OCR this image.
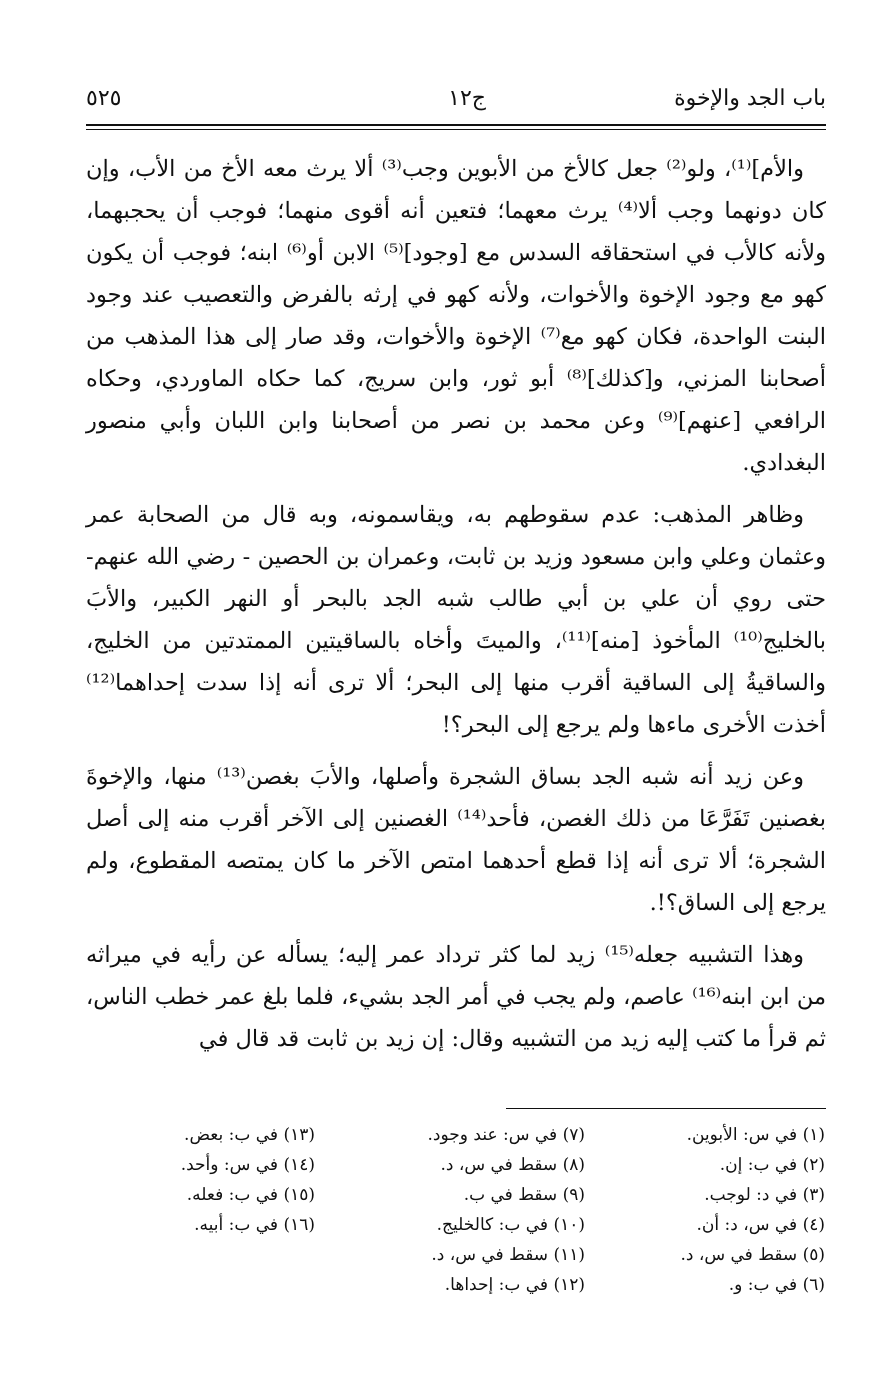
باب الجد والإخوة
ج١٢
٥٢٥

والأم]⁽¹⁾، ولو⁽²⁾ جعل كالأخ من الأبوين وجب⁽³⁾ ألا يرث معه الأخ من الأب، وإن كان دونهما وجب ألا⁽⁴⁾ يرث معهما؛ فتعين أنه أقوى منهما؛ فوجب أن يحجبهما، ولأنه كالأب في استحقاقه السدس مع [وجود]⁽⁵⁾ الابن أو⁽⁶⁾ ابنه؛ فوجب أن يكون كهو مع وجود الإخوة والأخوات، ولأنه كهو في إرثه بالفرض والتعصيب عند وجود البنت الواحدة، فكان كهو مع⁽⁷⁾ الإخوة والأخوات، وقد صار إلى هذا المذهب من أصحابنا المزني، و[كذلك]⁽⁸⁾ أبو ثور، وابن سريج، كما حكاه الماوردي، وحكاه الرافعي [عنهم]⁽⁹⁾ وعن محمد بن نصر من أصحابنا وابن اللبان وأبي منصور البغدادي.

وظاهر المذهب: عدم سقوطهم به، ويقاسمونه، وبه قال من الصحابة عمر وعثمان وعلي وابن مسعود وزيد بن ثابت، وعمران بن الحصين - رضي الله عنهم- حتى روي أن علي بن أبي طالب شبه الجد بالبحر أو النهر الكبير، والأبَ بالخليج⁽¹⁰⁾ المأخوذ [منه]⁽¹¹⁾، والميتَ وأخاه بالساقيتين الممتدتين من الخليج، والساقيةُ إلى الساقية أقرب منها إلى البحر؛ ألا ترى أنه إذا سدت إحداهما⁽¹²⁾ أخذت الأخرى ماءها ولم يرجع إلى البحر؟!

وعن زيد أنه شبه الجد بساق الشجرة وأصلها، والأبَ بغصن⁽¹³⁾ منها، والإخوةَ بغصنين تَفَرَّعَا من ذلك الغصن، فأحد⁽¹⁴⁾ الغصنين إلى الآخر أقرب منه إلى أصل الشجرة؛ ألا ترى أنه إذا قطع أحدهما امتص الآخر ما كان يمتصه المقطوع، ولم يرجع إلى الساق؟!.

وهذا التشبيه جعله⁽¹⁵⁾ زيد لما كثر ترداد عمر إليه؛ يسأله عن رأيه في ميراثه من ابن ابنه⁽¹⁶⁾ عاصم، ولم يجب في أمر الجد بشيء، فلما بلغ عمر خطب الناس، ثم قرأ ما كتب إليه زيد من التشبيه وقال: إن زيد بن ثابت قد قال في

(١) في س: الأبوين.
(٢) في ب: إن.
(٣) في د: لوجب.
(٤) في س، د: أن.
(٥) سقط في س، د.
(٦) في ب: و.
(٧) في س: عند وجود.
(٨) سقط في س، د.
(٩) سقط في ب.
(١٠) في ب: كالخليج.
(١١) سقط في س، د.
(١٢) في ب: إحداها.
(١٣) في ب: بعض.
(١٤) في س: وأحد.
(١٥) في ب: فعله.
(١٦) في ب: أبيه.
